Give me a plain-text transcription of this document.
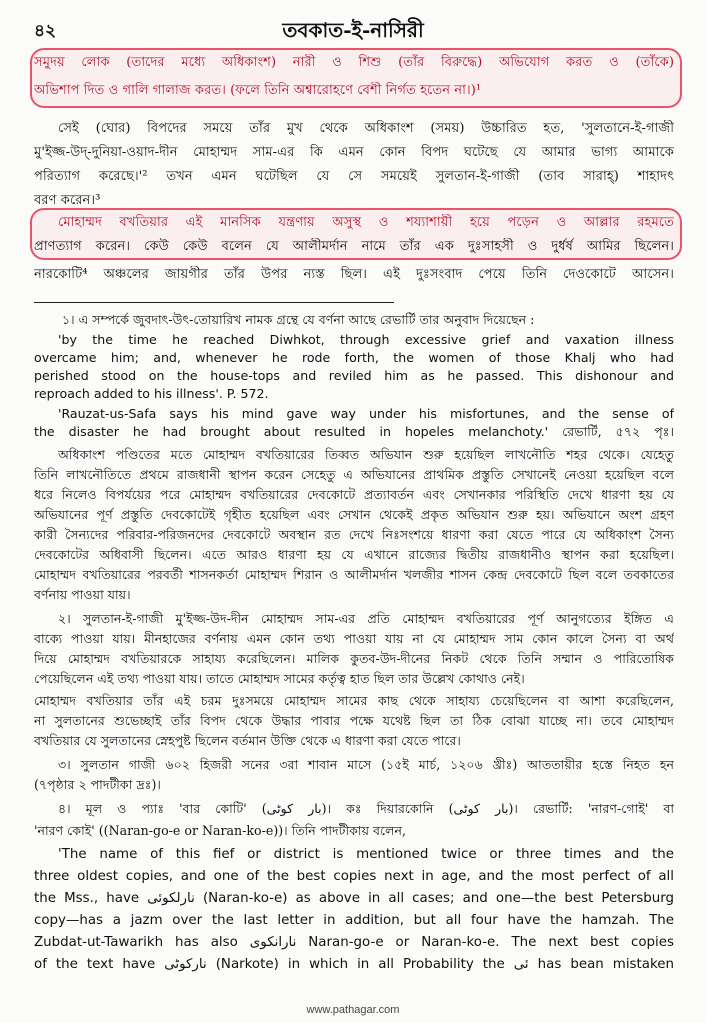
৪২	তবকাত-ই-নাসিরী
সমুদয় লোক (তাদের মধ্যে অধিকাংশ) নারী ও শিশু (তাঁর বিরুদ্ধে) অভিযোগ করত ও (তাঁকে)
অভিশাপ দিত ও গালি গালাজ করত। (ফলে তিনি অশ্বারোহণে বেশী নির্গত হতেন না।)¹
সেই (ঘোর) বিপদের সময়ে তাঁর মুখ থেকে অধিকাংশ (সময়) উচ্চারিত হত, 'সুলতানে-ই-গাজী
মু'ইজ্জ-উদ্-দুনিয়া-ওয়াদ-দীন মোহাম্মদ সাম-এর কি এমন কোন বিপদ ঘটেছে যে আমার ভাগ্য আমাকে
পরিত্যাগ করেছে।'² তখন এমন ঘটেছিল যে সে সময়েই সুলতান-ই-গাজী (তাব সারাহ্) শাহাদৎ
বরণ করেন।³
মোহাম্মদ বখতিয়ার এই মানসিক যন্ত্রণায় অসুস্থ ও শয্যাশায়ী হয়ে পড়েন ও আল্লার রহমতে
প্রাণত্যাগ করেন। কেউ কেউ বলেন যে আলীমর্দান নামে তাঁর এক দুঃসাহসী ও দুর্ধর্ষ আমির ছিলেন।
নারকোটি⁴ অঞ্চলের জায়গীর তাঁর উপর ন্যস্ত ছিল। এই দুঃসংবাদ পেয়ে তিনি দেওকোটে আসেন।
১। এ সম্পর্কে জুবদাৎ-উৎ-তোয়ারিখ নামক গ্রন্থে যে বর্ণনা আছে রেভার্টি তার অনুবাদ দিয়েছেন :
'by the time he reached Diwhkot, through excessive grief and vaxation illness
overcame him; and, whenever he rode forth, the women of those Khalj who had
perished stood on the house-tops and reviled him as he passed. This dishonour and
reproach added to his illness'. P. 572.
'Rauzat-us-Safa says his mind gave way under his misfortunes, and the sense of
the disaster he had brought about resulted in hopeles melanchoty.' রেভার্টি, ৫৭২ পৃঃ।
অধিকাংশ পণ্ডিতের মতে মোহাম্মদ বখতিয়ারের তিব্বত অভিযান শুরু হয়েছিল লাখনৌতি শহর থেকে। যেহেতু
তিনি লাখনৌতিতে প্রথমে রাজধানী স্থাপন করেন সেহেতু এ অভিযানের প্রাথমিক প্রস্তুতি সেখানেই নেওয়া হয়েছিল বলে
ধরে নিলেও বিপর্যয়ের পরে মোহাম্মদ বখতিয়ারের দেবকোটে প্রত্যাবর্তন এবং সেখানকার পরিস্থিতি দেখে ধারণা হয় যে
অভিযানের পূর্ণ প্রস্তুতি দেবকোটেই গৃহীত হয়েছিল এবং সেখান থেকেই প্রকৃত অভিযান শুরু হয়। অভিযানে অংশ গ্রহণ
কারী সৈন্যদের পরিবার-পরিজনদের দেবকোটে অবস্থান রত দেখে নিঃসংশয়ে ধারণা করা যেতে পারে যে অধিকাংশ সৈন্য
দেবকোটের অধিবাসী ছিলেন। এতে আরও ধারণা হয় যে এখানে রাজ্যের দ্বিতীয় রাজধানীও স্থাপন করা হয়েছিল।
মোহাম্মদ বখতিয়ারের পরবর্তী শাসনকর্তা মোহাম্মদ শিরান ও আলীমর্দান খলজীর শাসন কেন্দ্র দেবকোটে ছিল বলে তবকাতের
বর্ণনায় পাওয়া যায়।
২। সুলতান-ই-গাজী মু'ইজ্জ-উদ-দীন মোহাম্মদ সাম-এর প্রতি মোহাম্মদ বখতিয়ারের পূর্ণ আনুগত্যের ইঙ্গিত এ
বাক্যে পাওয়া যায়। মীনহাজের বর্ণনায় এমন কোন তথ্য পাওয়া যায় না যে মোহাম্মদ সাম কোন কালে সৈন্য বা অর্থ
দিয়ে মোহাম্মদ বখতিয়ারকে সাহায্য করেছিলেন। মালিক কুতব-উদ-দীনের নিকট থেকে তিনি সম্মান ও পারিতোষিক
পেয়েছিলেন এই তথ্য পাওয়া যায়। তাতে মোহাম্মদ সামের কর্তৃত্ব হাত ছিল তার উল্লেখ কোথাও নেই।
মোহাম্মদ বখতিয়ার তাঁর এই চরম দুঃসময়ে মোহাম্মদ সামের কাছ থেকে সাহায্য চেয়েছিলেন বা আশা করেছিলেন,
না সুলতানের শুভেচ্ছাই তাঁর বিপদ থেকে উদ্ধার পাবার পক্ষে যথেষ্ট ছিল তা ঠিক বোঝা যাচ্ছে না। তবে মোহাম্মদ
বখতিয়ার যে সুলতানের স্নেহপুষ্ট ছিলেন বর্তমান উক্তি থেকে এ ধারণা করা যেতে পারে।
৩। সুলতান গাজী ৬০২ হিজরী সনের ৩রা শাবান মাসে (১৫ই মার্চ, ১২০৬ খ্রীঃ) আততায়ীর হস্তে নিহত হন
(৭পৃষ্ঠার ২ পাদটীকা দ্রঃ)।
৪। মূল ও প্যাঃ 'বার কোটি' (بار کوٹی)। কঃ দিয়ারকোনি (بار کوٹی)। রেভার্টি: 'নারণ-গোই' বা
'নারণ কোই' ((Naran-go-e or Naran-ko-e))। তিনি পাদটীকায় বলেন,
'The name of this fief or district is mentioned twice or three times and the
three oldest copies, and one of the best copies next in age, and the most perfect of all
the Mss., have نارلکوئی (Naran-ko-e) as above in all cases; and one—the best Petersburg
copy—has a jazm over the last letter in addition, but all four have the hamzah. The
Zubdat-ut-Tawarikh has also نارانکوی Naran-go-e or Naran-ko-e. The next best copies
of the text have نارکوٹی (Narkote) in which in all Probability the ئی has bean mistaken
www.pathagar.com
